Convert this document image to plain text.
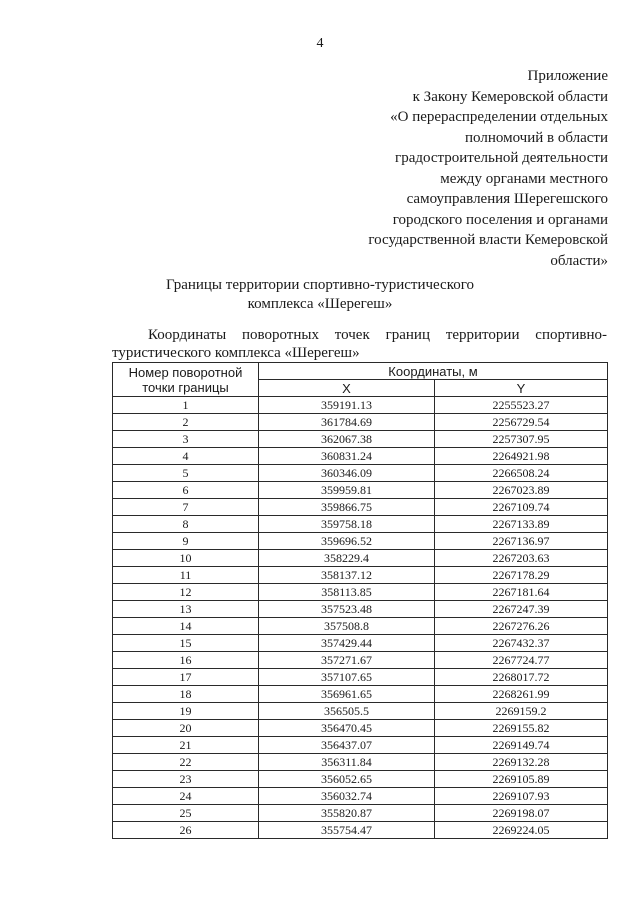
4
Приложение
к Закону Кемеровской области
«О перераспределении отдельных
полномочий в области
градостроительной деятельности
между органами местного
самоуправления Шерегешского
городского поселения и органами
государственной власти Кемеровской
области»
Границы территории спортивно-туристического
комплекса «Шерегеш»
Координаты поворотных точек границ территории спортивно-
туристического комплекса «Шерегеш»
Номер поворотной
точки границы	Координаты, м	
	X	Y
1	359191.13	2255523.27
2	361784.69	2256729.54
3	362067.38	2257307.95
4	360831.24	2264921.98
5	360346.09	2266508.24
6	359959.81	2267023.89
7	359866.75	2267109.74
8	359758.18	2267133.89
9	359696.52	2267136.97
10	358229.4	2267203.63
11	358137.12	2267178.29
12	358113.85	2267181.64
13	357523.48	2267247.39
14	357508.8	2267276.26
15	357429.44	2267432.37
16	357271.67	2267724.77
17	357107.65	2268017.72
18	356961.65	2268261.99
19	356505.5	2269159.2
20	356470.45	2269155.82
21	356437.07	2269149.74
22	356311.84	2269132.28
23	356052.65	2269105.89
24	356032.74	2269107.93
25	355820.87	2269198.07
26	355754.47	2269224.05
